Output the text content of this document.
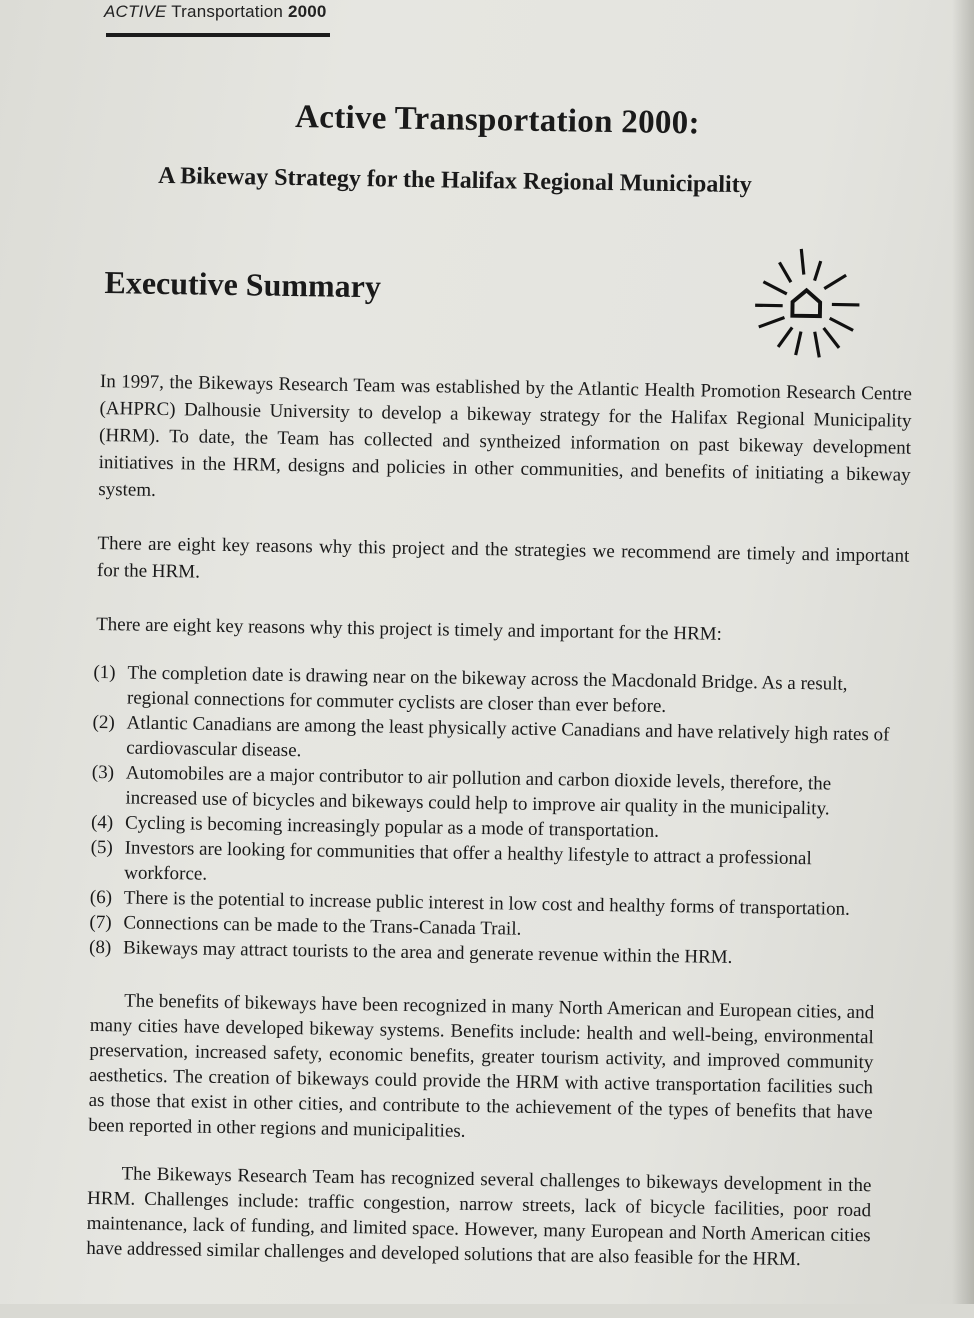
ACTIVE Transportation 2000
Active Transportation 2000:
A Bikeway Strategy for the Halifax Regional Municipality
Executive Summary
In 1997, the Bikeways Research Team was established by the Atlantic Health Promotion Research Centre (AHPRC) Dalhousie University to develop a bikeway strategy for the Halifax Regional Municipality (HRM). To date, the Team has collected and syntheized information on past bikeway development initiatives in the HRM, designs and policies in other communities, and benefits of initiating a bikeway system.
There are eight key reasons why this project and the strategies we recommend are timely and important for the HRM.
There are eight key reasons why this project is timely and important for the HRM:
(1) The completion date is drawing near on the bikeway across the Macdonald Bridge. As a result, regional connections for commuter cyclists are closer than ever before.
(2) Atlantic Canadians are among the least physically active Canadians and have relatively high rates of cardiovascular disease.
(3) Automobiles are a major contributor to air pollution and carbon dioxide levels, therefore, the increased use of bicycles and bikeways could help to improve air quality in the municipality.
(4) Cycling is becoming increasingly popular as a mode of transportation.
(5) Investors are looking for communities that offer a healthy lifestyle to attract a professional workforce.
(6) There is the potential to increase public interest in low cost and healthy forms of transportation.
(7) Connections can be made to the Trans-Canada Trail.
(8) Bikeways may attract tourists to the area and generate revenue within the HRM.
The benefits of bikeways have been recognized in many North American and European cities, and many cities have developed bikeway systems. Benefits include: health and well-being, environmental preservation, increased safety, economic benefits, greater tourism activity, and improved community aesthetics. The creation of bikeways could provide the HRM with active transportation facilities such as those that exist in other cities, and contribute to the achievement of the types of benefits that have been reported in other regions and municipalities.
The Bikeways Research Team has recognized several challenges to bikeways development in the HRM. Challenges include: traffic congestion, narrow streets, lack of bicycle facilities, poor road maintenance, lack of funding, and limited space. However, many European and North American cities have addressed similar challenges and developed solutions that are also feasible for the HRM.
